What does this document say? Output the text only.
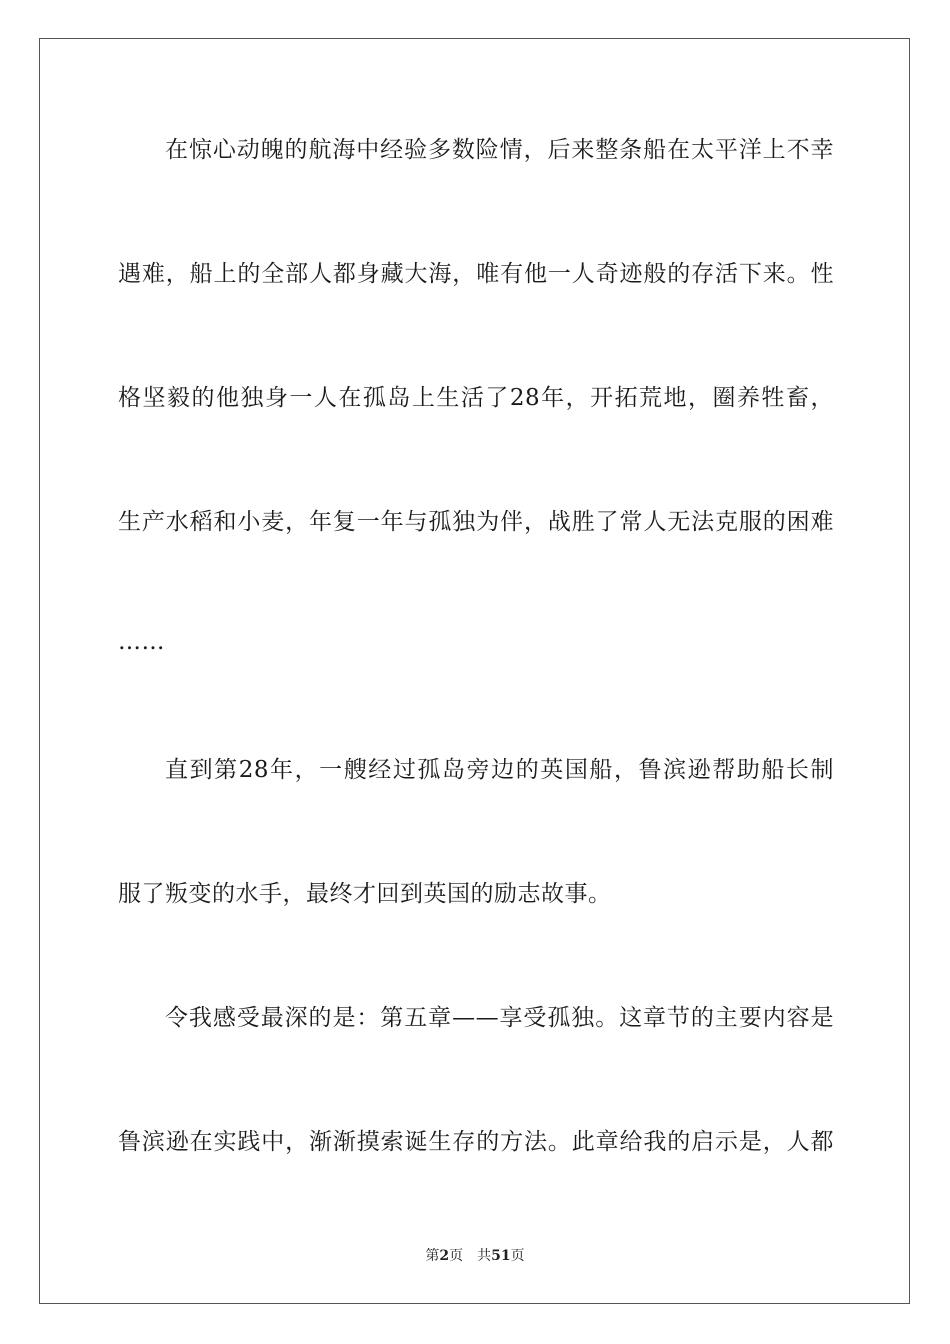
在惊心动魄的航海中经验多数险情，后来整条船在太平洋上不幸
遇难，船上的全部人都身藏大海，唯有他一人奇迹般的存活下来。性
格坚毅的他独身一人在孤岛上生活了28年，开拓荒地，圈养牲畜，
生产水稻和小麦，年复一年与孤独为伴，战胜了常人无法克服的困难
……
直到第28年，一艘经过孤岛旁边的英国船，鲁滨逊帮助船长制
服了叛变的水手，最终才回到英国的励志故事。
令我感受最深的是：第五章——享受孤独。这章节的主要内容是
鲁滨逊在实践中，渐渐摸索诞生存的方法。此章给我的启示是，人都
第2页 共51页
